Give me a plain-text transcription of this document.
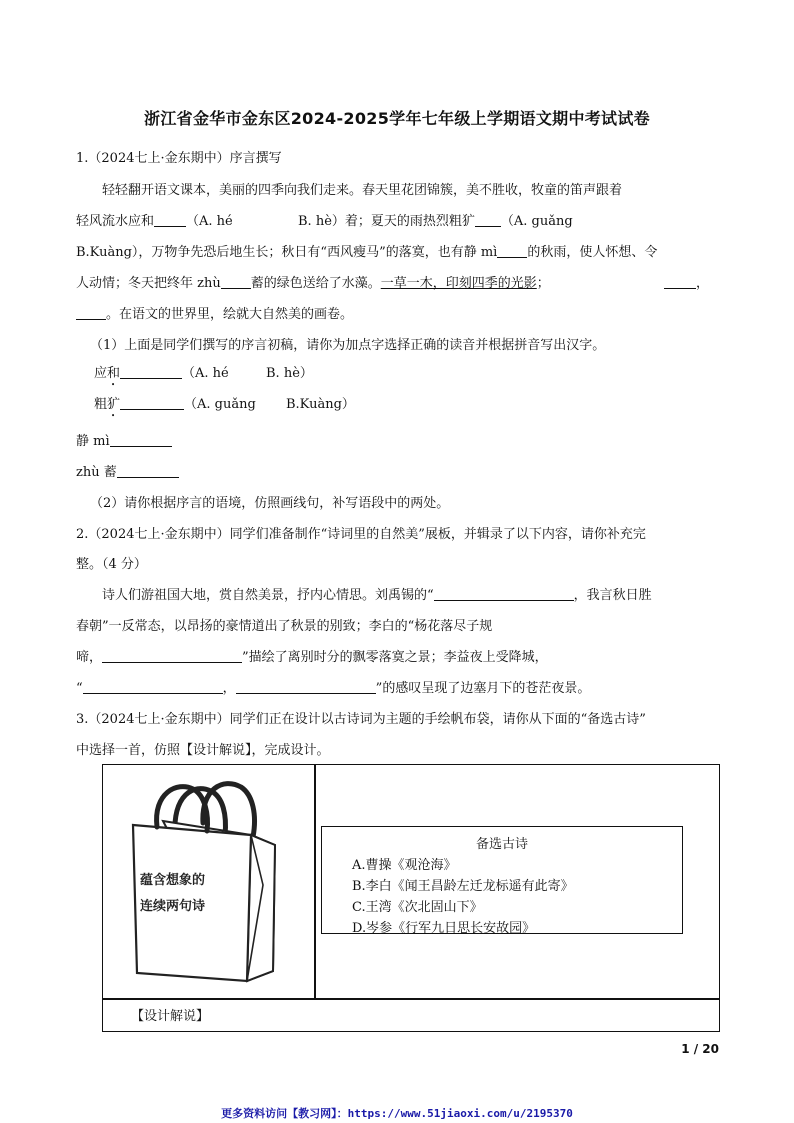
浙江省金华市金东区2024-2025学年七年级上学期语文期中考试试卷
1.（2024七上·金东期中）序言撰写
轻轻翻开语文课本，美丽的四季向我们走来。春天里花团锦簇，美不胜收，牧童的笛声跟着
轻风流水应和 （A. hé	B. hè）着；夏天的雨热烈粗犷 （A. guǎng
B.Kuàng），万物争先恐后地生长；秋日有“西风瘦马”的落寞，也有静 mì 的秋雨，使人怀想、令
人动情；冬天把终年 zhù 蓄的绿色送给了水藻。一草一木，印刻四季的光影；	，
。在语文的世界里，绘就大自然美的画卷。
（1）上面是同学们撰写的序言初稿，请你为加点字选择正确的读音并根据拼音写出汉字。
应和	（A. hé	B. hè）
粗犷	（A. guǎng B.Kuàng）
静 mì
zhù 蓄
（2）请你根据序言的语境，仿照画线句，补写语段中的两处。
2.（2024七上·金东期中）同学们准备制作“诗词里的自然美”展板，并辑录了以下内容，请你补充完
整。（4 分）
诗人们游祖国大地，赏自然美景，抒内心情思。刘禹锡的“	，我言秋日胜
春朝”一反常态，以昂扬的豪情道出了秋景的别致；李白的“杨花落尽子规
啼，	”描绘了离别时分的飘零落寞之景；李益夜上受降城，
“	，	”的感叹呈现了边塞月下的苍茫夜景。
3.（2024七上·金东期中）同学们正在设计以古诗词为主题的手绘帆布袋，请你从下面的“备选古诗”
中选择一首，仿照【设计解说】，完成设计。
蕴含想象的
连续两句诗
备选古诗
A.曹操《观沧海》
B.李白《闻王昌龄左迁龙标遥有此寄》
C.王湾《次北固山下》
D.岑参《行军九日思长安故园》
【设计解说】
1 / 20
更多资料访问【教习网】：https://www.51jiaoxi.com/u/2195370
